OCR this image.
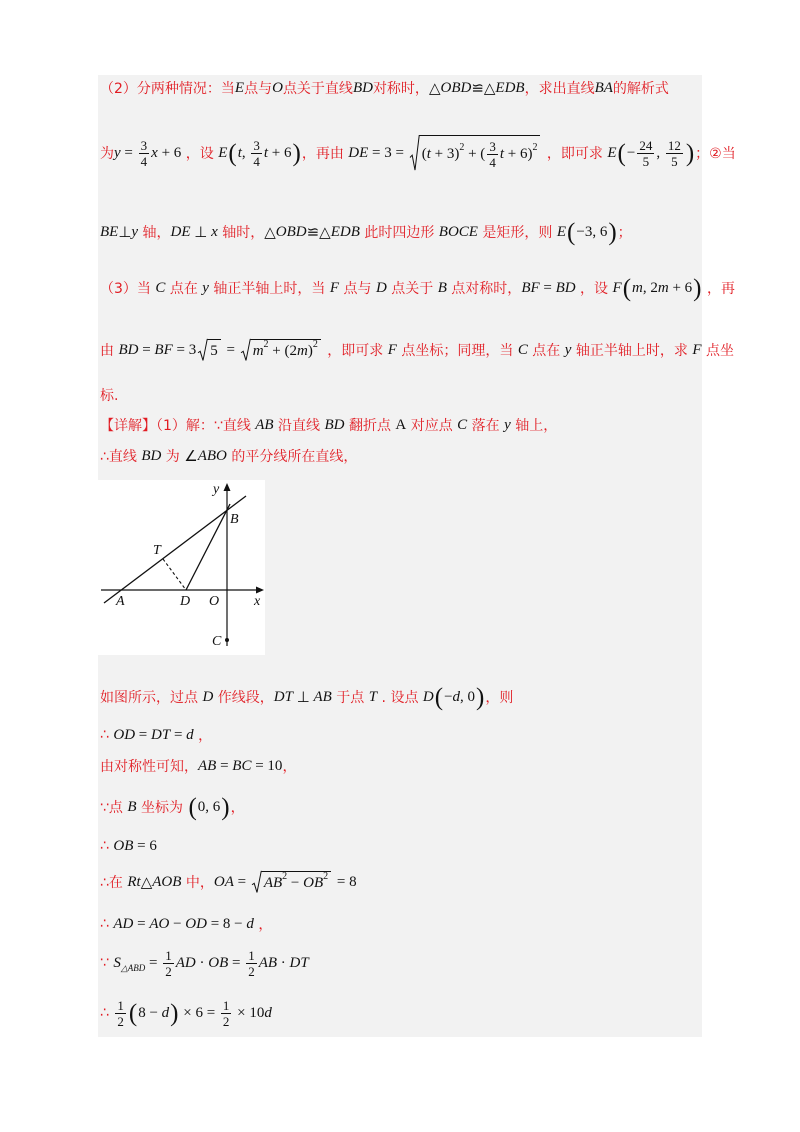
y
x
A	D O
B
T
C
（2）分两种情况：当 E 点与 O 点关于直线 BD 对称时， △ OBD ≌△ EDB ，求出直线 BA 的解析式
为 $y = \frac{3}{4}$ x + 6 ，设 E ( t , $\frac{3}{4}$ t + 6 ) ，再由 DE = 3 = ( t + 3) 2 + ( $\frac{3}{4}$ t + 6) 2 ，即可求 E ( − $\frac{24}{5}$ , $\frac{12}{5}$ ) ；②当
BE ⊥ y 轴， DE ⊥ x 轴时， △ OBD ≌△ EDB 此时四边形 BOCE 是矩形，则 E ( −3, 6 ) ；
（3）当 C 点在 y 轴正半轴上时，当 F 点与 D 点关于 B 点对称时， BF = BD ，设 F ( m , 2 m + 6 ) ，再
由 BD = BF = 3 5 = m 2 + (2 m ) 2 ，即可求 F 点坐标；同理，当 C 点在 y 轴正半轴上时，求 F 点坐
标.
【详解】（1）解：∵直线 AB 沿直线 BD 翻折点 A 对应点 C 落在 y 轴上，
∴直线 BD 为 ∠ ABO 的平分线所在直线，
如图所示，过点 D 作线段， DT ⊥ AB 于点 T . 设点 D ( − d , 0 ) ，则
∴ OD = DT = d ，
由对称性可知， AB = BC = 10 ，
∵点 B 坐标为 ( 0, 6 ) ，
∴ OB = 6
∴在 Rt △ AOB 中， OA = AB 2 − OB 2 = 8
∴ AD = AO − OD = 8 − d ，
∵ S △ABD = $\frac{1}{2}$ AD · OB = $\frac{1}{2}$ AB · DT
∴ $\frac{1}{2}$ ( 8 − d ) × $6 = \frac{1}{2} \times 10$ d
